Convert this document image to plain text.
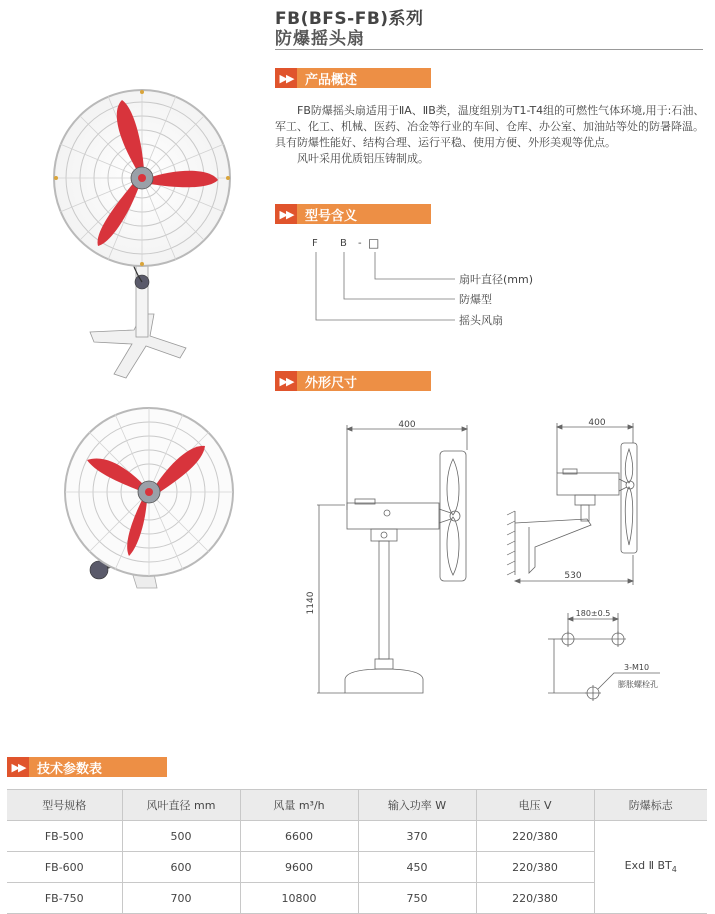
FB(BFS-FB)系列
防爆摇头扇
▶▶ 产品概述

FB防爆摇头扇适用于ⅡA、ⅡB类，温度组别为T1-T4组的可燃性气体环境,用于:石油、军工、化工、机械、医药、冶金等行业的车间、仓库、办公室、加油站等处的防暑降温。具有防爆性能好、结构合理、运行平稳、使用方便、外形美观等优点。

风叶采用优质铝压铸制成。

▶▶ 型号含义
F B - □
扇叶直径(mm)
防爆型
摇头风扇
▶▶ 外形尺寸
400
1140
400
530
180±0.5
3-M10
膨胀螺栓孔
▶▶ 技术参数表
型号规格	风叶直径 mm	风量 m³/h	输入功率 W	电压 V	防爆标志
FB-500	500	6600	370	220/380	Exd Ⅱ $BT_4$
FB-600	600	9600	450	220/380	
FB-750	700	10800	750	220/380	
